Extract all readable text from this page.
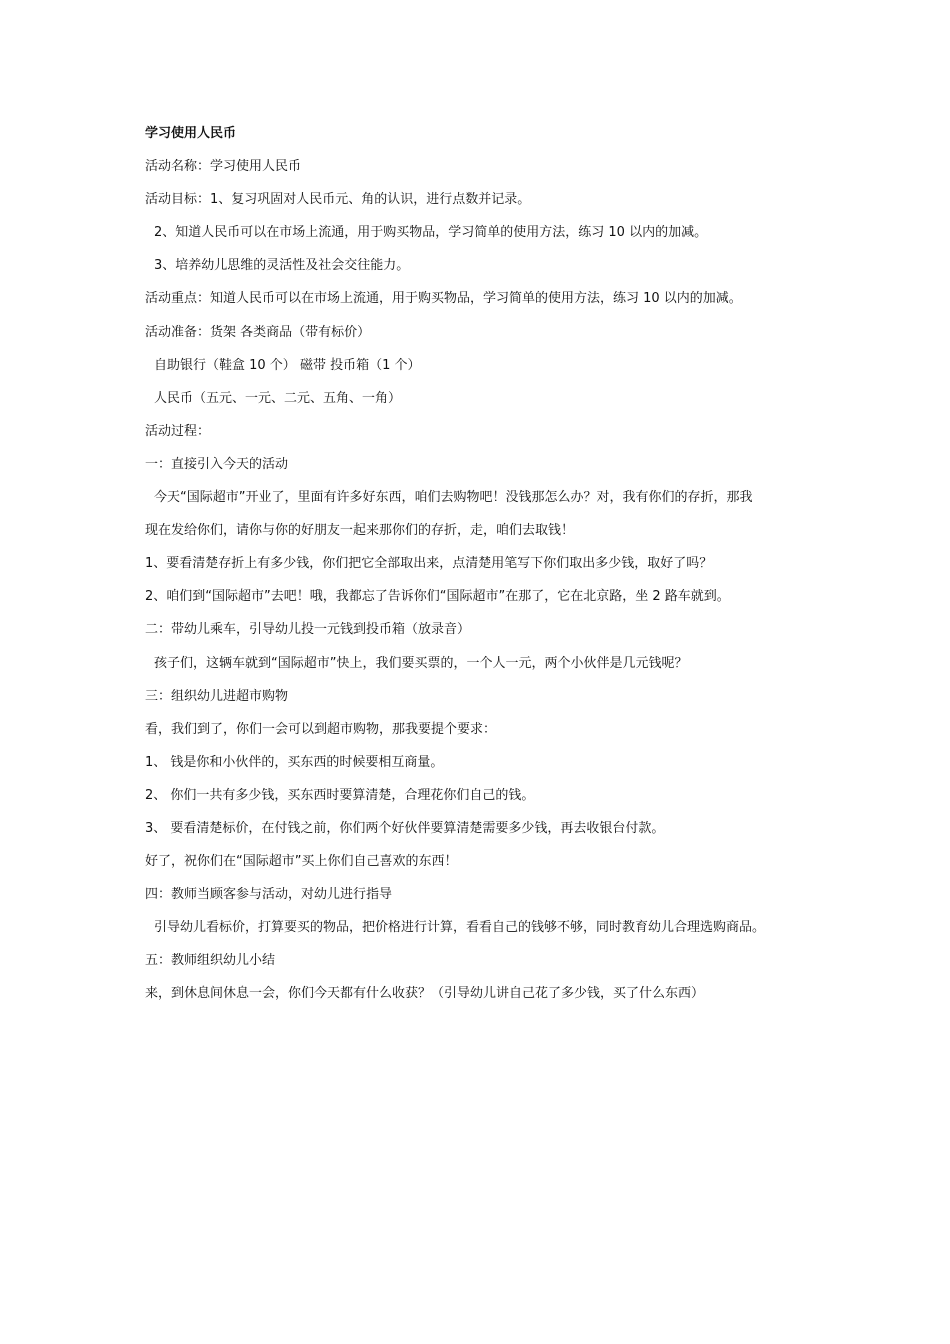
学习使用人民币
活动名称：学习使用人民币
活动目标：1、复习巩固对人民币元、角的认识，进行点数并记录。
2、知道人民币可以在市场上流通，用于购买物品，学习简单的使用方法，练习 10 以内的加减。
3、培养幼儿思维的灵活性及社会交往能力。
活动重点：知道人民币可以在市场上流通，用于购买物品，学习简单的使用方法，练习 10 以内的加减。
活动准备：货架 各类商品（带有标价）
自助银行（鞋盒 10 个） 磁带 投币箱（1 个）
人民币（五元、一元、二元、五角、一角）
活动过程：
一：直接引入今天的活动
今天“国际超市”开业了，里面有许多好东西，咱们去购物吧！没钱那怎么办？对，我有你们的存折，那我
现在发给你们，请你与你的好朋友一起来那你们的存折，走，咱们去取钱！
1、要看清楚存折上有多少钱，你们把它全部取出来，点清楚用笔写下你们取出多少钱，取好了吗？
2、咱们到“国际超市”去吧！哦，我都忘了告诉你们“国际超市”在那了，它在北京路，坐 2 路车就到。
二：带幼儿乘车，引导幼儿投一元钱到投币箱（放录音）
孩子们，这辆车就到“国际超市”快上，我们要买票的，一个人一元，两个小伙伴是几元钱呢？
三：组织幼儿进超市购物
看，我们到了，你们一会可以到超市购物，那我要提个要求：
1、 钱是你和小伙伴的，买东西的时候要相互商量。
2、 你们一共有多少钱，买东西时要算清楚，合理花你们自己的钱。
3、 要看清楚标价，在付钱之前，你们两个好伙伴要算清楚需要多少钱，再去收银台付款。
好了，祝你们在“国际超市”买上你们自己喜欢的东西！
四：教师当顾客参与活动，对幼儿进行指导
引导幼儿看标价，打算要买的物品，把价格进行计算，看看自己的钱够不够，同时教育幼儿合理选购商品。
五：教师组织幼儿小结
来，到休息间休息一会，你们今天都有什么收获？（引导幼儿讲自己花了多少钱，买了什么东西）
